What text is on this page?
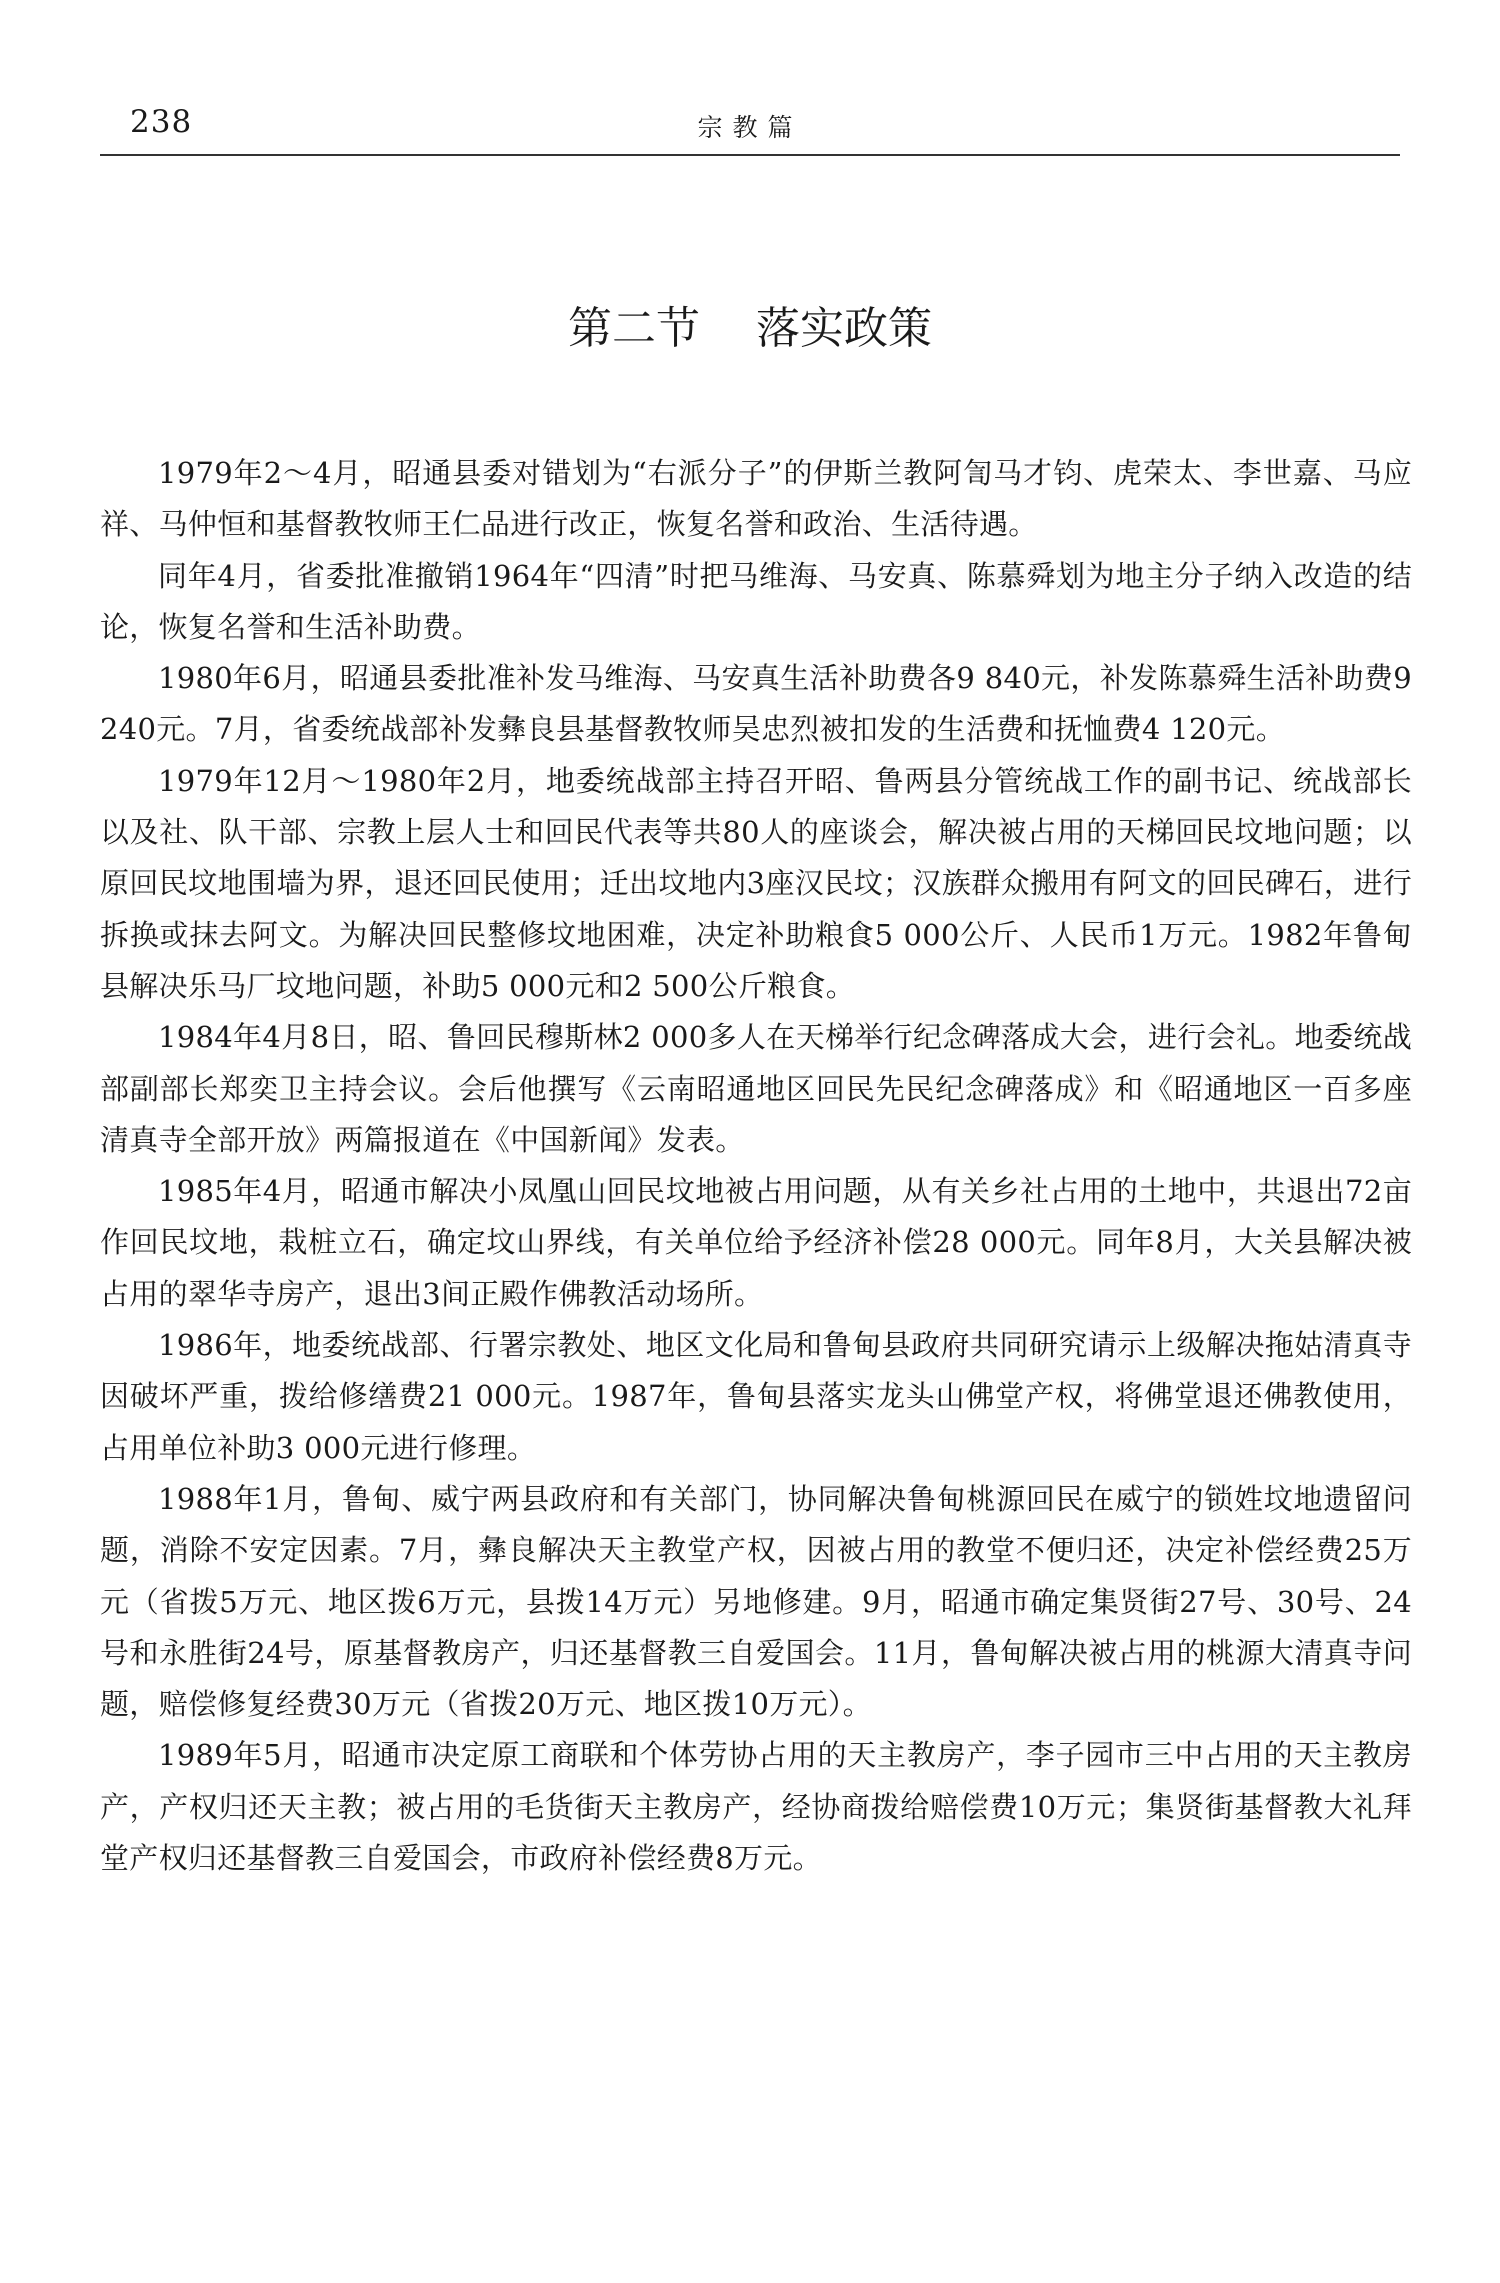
238	宗教篇
第二节 落实政策

1979年2～4月，昭通县委对错划为“右派分子”的伊斯兰教阿訇马才钧、虎荣太、李世嘉、马应祥、马仲恒和基督教牧师王仁品进行改正，恢复名誉和政治、生活待遇。

同年4月，省委批准撤销1964年“四清”时把马维海、马安真、陈慕舜划为地主分子纳入改造的结论，恢复名誉和生活补助费。

1980年6月，昭通县委批准补发马维海、马安真生活补助费各9 840元，补发陈慕舜生活补助费9 240元。7月，省委统战部补发彝良县基督教牧师吴忠烈被扣发的生活费和抚恤费4 120元。

1979年12月～1980年2月，地委统战部主持召开昭、鲁两县分管统战工作的副书记、统战部长以及社、队干部、宗教上层人士和回民代表等共80人的座谈会，解决被占用的天梯回民坟地问题；以原回民坟地围墙为界，退还回民使用；迁出坟地内3座汉民坟；汉族群众搬用有阿文的回民碑石，进行拆换或抹去阿文。为解决回民整修坟地困难，决定补助粮食5 000公斤、人民币1万元。1982年鲁甸县解决乐马厂坟地问题，补助5 000元和2 500公斤粮食。

1984年4月8日，昭、鲁回民穆斯林2 000多人在天梯举行纪念碑落成大会，进行会礼。地委统战部副部长郑奕卫主持会议。会后他撰写《云南昭通地区回民先民纪念碑落成》和《昭通地区一百多座清真寺全部开放》两篇报道在《中国新闻》发表。

1985年4月，昭通市解决小凤凰山回民坟地被占用问题，从有关乡社占用的土地中，共退出72亩作回民坟地，栽桩立石，确定坟山界线，有关单位给予经济补偿28 000元。同年8月，大关县解决被占用的翠华寺房产，退出3间正殿作佛教活动场所。

1986年，地委统战部、行署宗教处、地区文化局和鲁甸县政府共同研究请示上级解决拖姑清真寺因破坏严重，拨给修缮费21 000元。1987年，鲁甸县落实龙头山佛堂产权，将佛堂退还佛教使用，占用单位补助3 000元进行修理。

1988年1月，鲁甸、威宁两县政府和有关部门，协同解决鲁甸桃源回民在威宁的锁姓坟地遗留问题，消除不安定因素。7月，彝良解决天主教堂产权，因被占用的教堂不便归还，决定补偿经费25万元（省拨5万元、地区拨6万元，县拨14万元）另地修建。9月，昭通市确定集贤街27号、30号、24号和永胜街24号，原基督教房产，归还基督教三自爱国会。11月，鲁甸解决被占用的桃源大清真寺问题，赔偿修复经费30万元（省拨20万元、地区拨10万元）。

1989年5月，昭通市决定原工商联和个体劳协占用的天主教房产，李子园市三中占用的天主教房产，产权归还天主教；被占用的毛货街天主教房产，经协商拨给赔偿费10万元；集贤街基督教大礼拜堂产权归还基督教三自爱国会，市政府补偿经费8万元。
